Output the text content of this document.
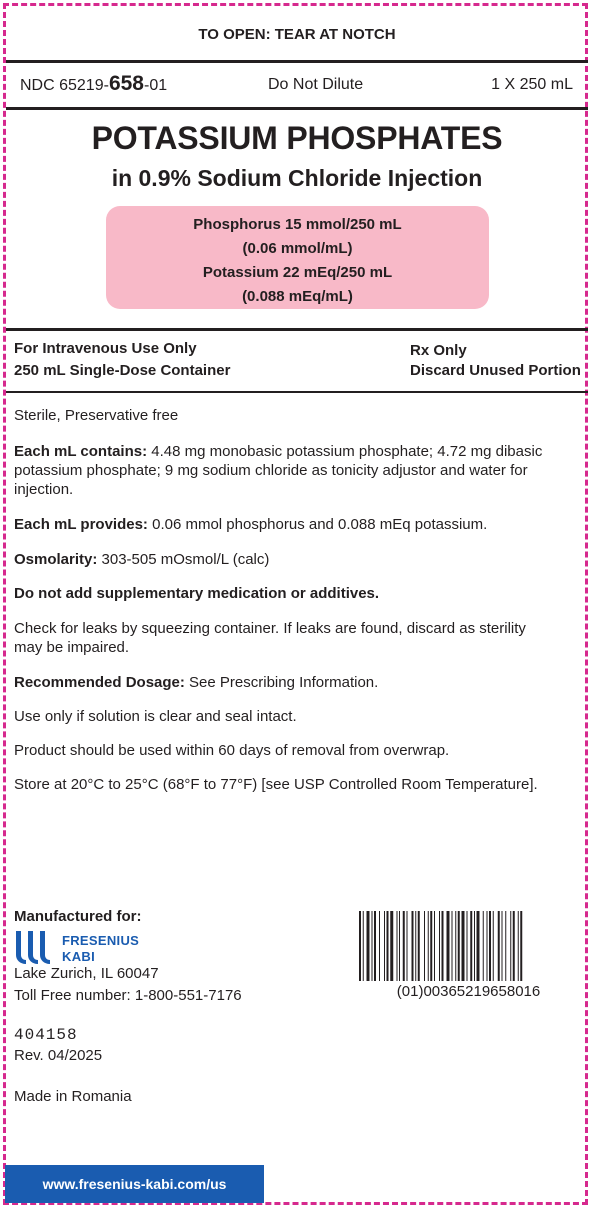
TO OPEN: TEAR AT NOTCH
NDC 65219-658-01	Do Not Dilute	1 X 250 mL
POTASSIUM PHOSPHATES
in 0.9% Sodium Chloride Injection
Phosphorus 15 mmol/250 mL
(0.06 mmol/mL)
Potassium 22 mEq/250 mL
(0.088 mEq/mL)
For Intravenous Use Only
250 mL Single-Dose Container
Rx Only
Discard Unused Portion
Sterile, Preservative free
Each mL contains: 4.48 mg monobasic potassium phosphate; 4.72 mg dibasic potassium phosphate; 9 mg sodium chloride as tonicity adjustor and water for injection.
Each mL provides: 0.06 mmol phosphorus and 0.088 mEq potassium.
Osmolarity: 303-505 mOsmol/L (calc)
Do not add supplementary medication or additives.
Check for leaks by squeezing container. If leaks are found, discard as sterility may be impaired.
Recommended Dosage: See Prescribing Information.
Use only if solution is clear and seal intact.
Product should be used within 60 days of removal from overwrap.
Store at 20°C to 25°C (68°F to 77°F) [see USP Controlled Room Temperature].
Manufactured for:
FRESENIUS
KABI
Lake Zurich, IL 60047
Toll Free number: 1-800-551-7176
404158
Rev. 04/2025
Made in Romania
(01)00365219658016
www.fresenius-kabi.com/us
